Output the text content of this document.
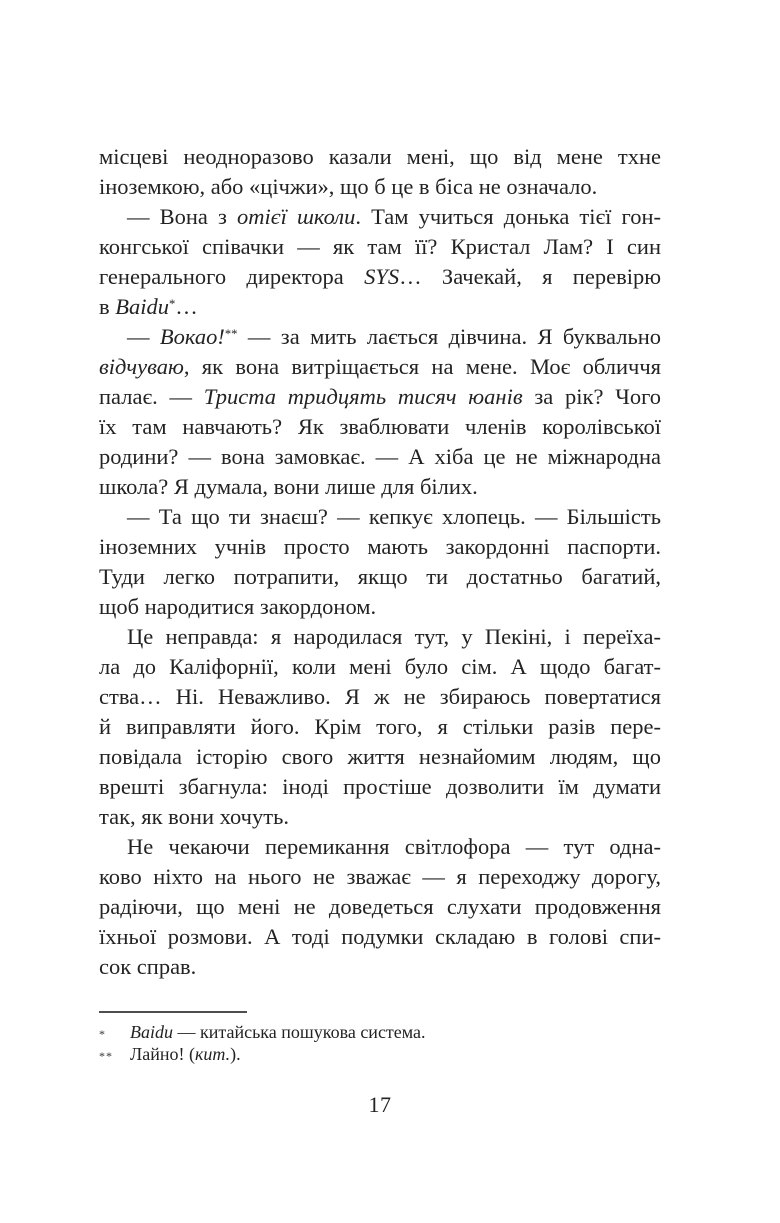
місцеві неодноразово казали мені, що від мене тхне
іноземкою, або «цічжи», що б це в біса не означало.
— Вона з отієї школи. Там учиться донька тієї гон-
конгської співачки — як там її? Кристал Лам? І син
генерального директора SYS… Зачекай, я перевірю
в Baidu*…
— Вокао!** — за мить лається дівчина. Я буквально
відчуваю, як вона витріщається на мене. Моє обличчя
палає. — Триста тридцять тисяч юанів за рік? Чого
їх там навчають? Як зваблювати членів королівської
родини? — вона замовкає. — А хіба це не міжнародна
школа? Я думала, вони лише для білих.
— Та що ти знаєш? — кепкує хлопець. — Більшість
іноземних учнів просто мають закордонні паспорти.
Туди легко потрапити, якщо ти достатньо багатий,
щоб народитися закордоном.
Це неправда: я народилася тут, у Пекіні, і переїха-
ла до Каліфорнії, коли мені було сім. А щодо багат-
ства… Ні. Неважливо. Я ж не збираюсь повертатися
й виправляти його. Крім того, я стільки разів пере-
повідала історію свого життя незнайомим людям, що
врешті збагнула: іноді простіше дозволити їм думати
так, як вони хочуть.
Не чекаючи перемикання світлофора — тут одна-
ково ніхто на нього не зважає — я переходжу дорогу,
радіючи, що мені не доведеться слухати продовження
їхньої розмови. А тоді подумки складаю в голові спи-
сок справ.
*	Baidu — китайська пошукова система.
** Лайно! (кит.).
17
